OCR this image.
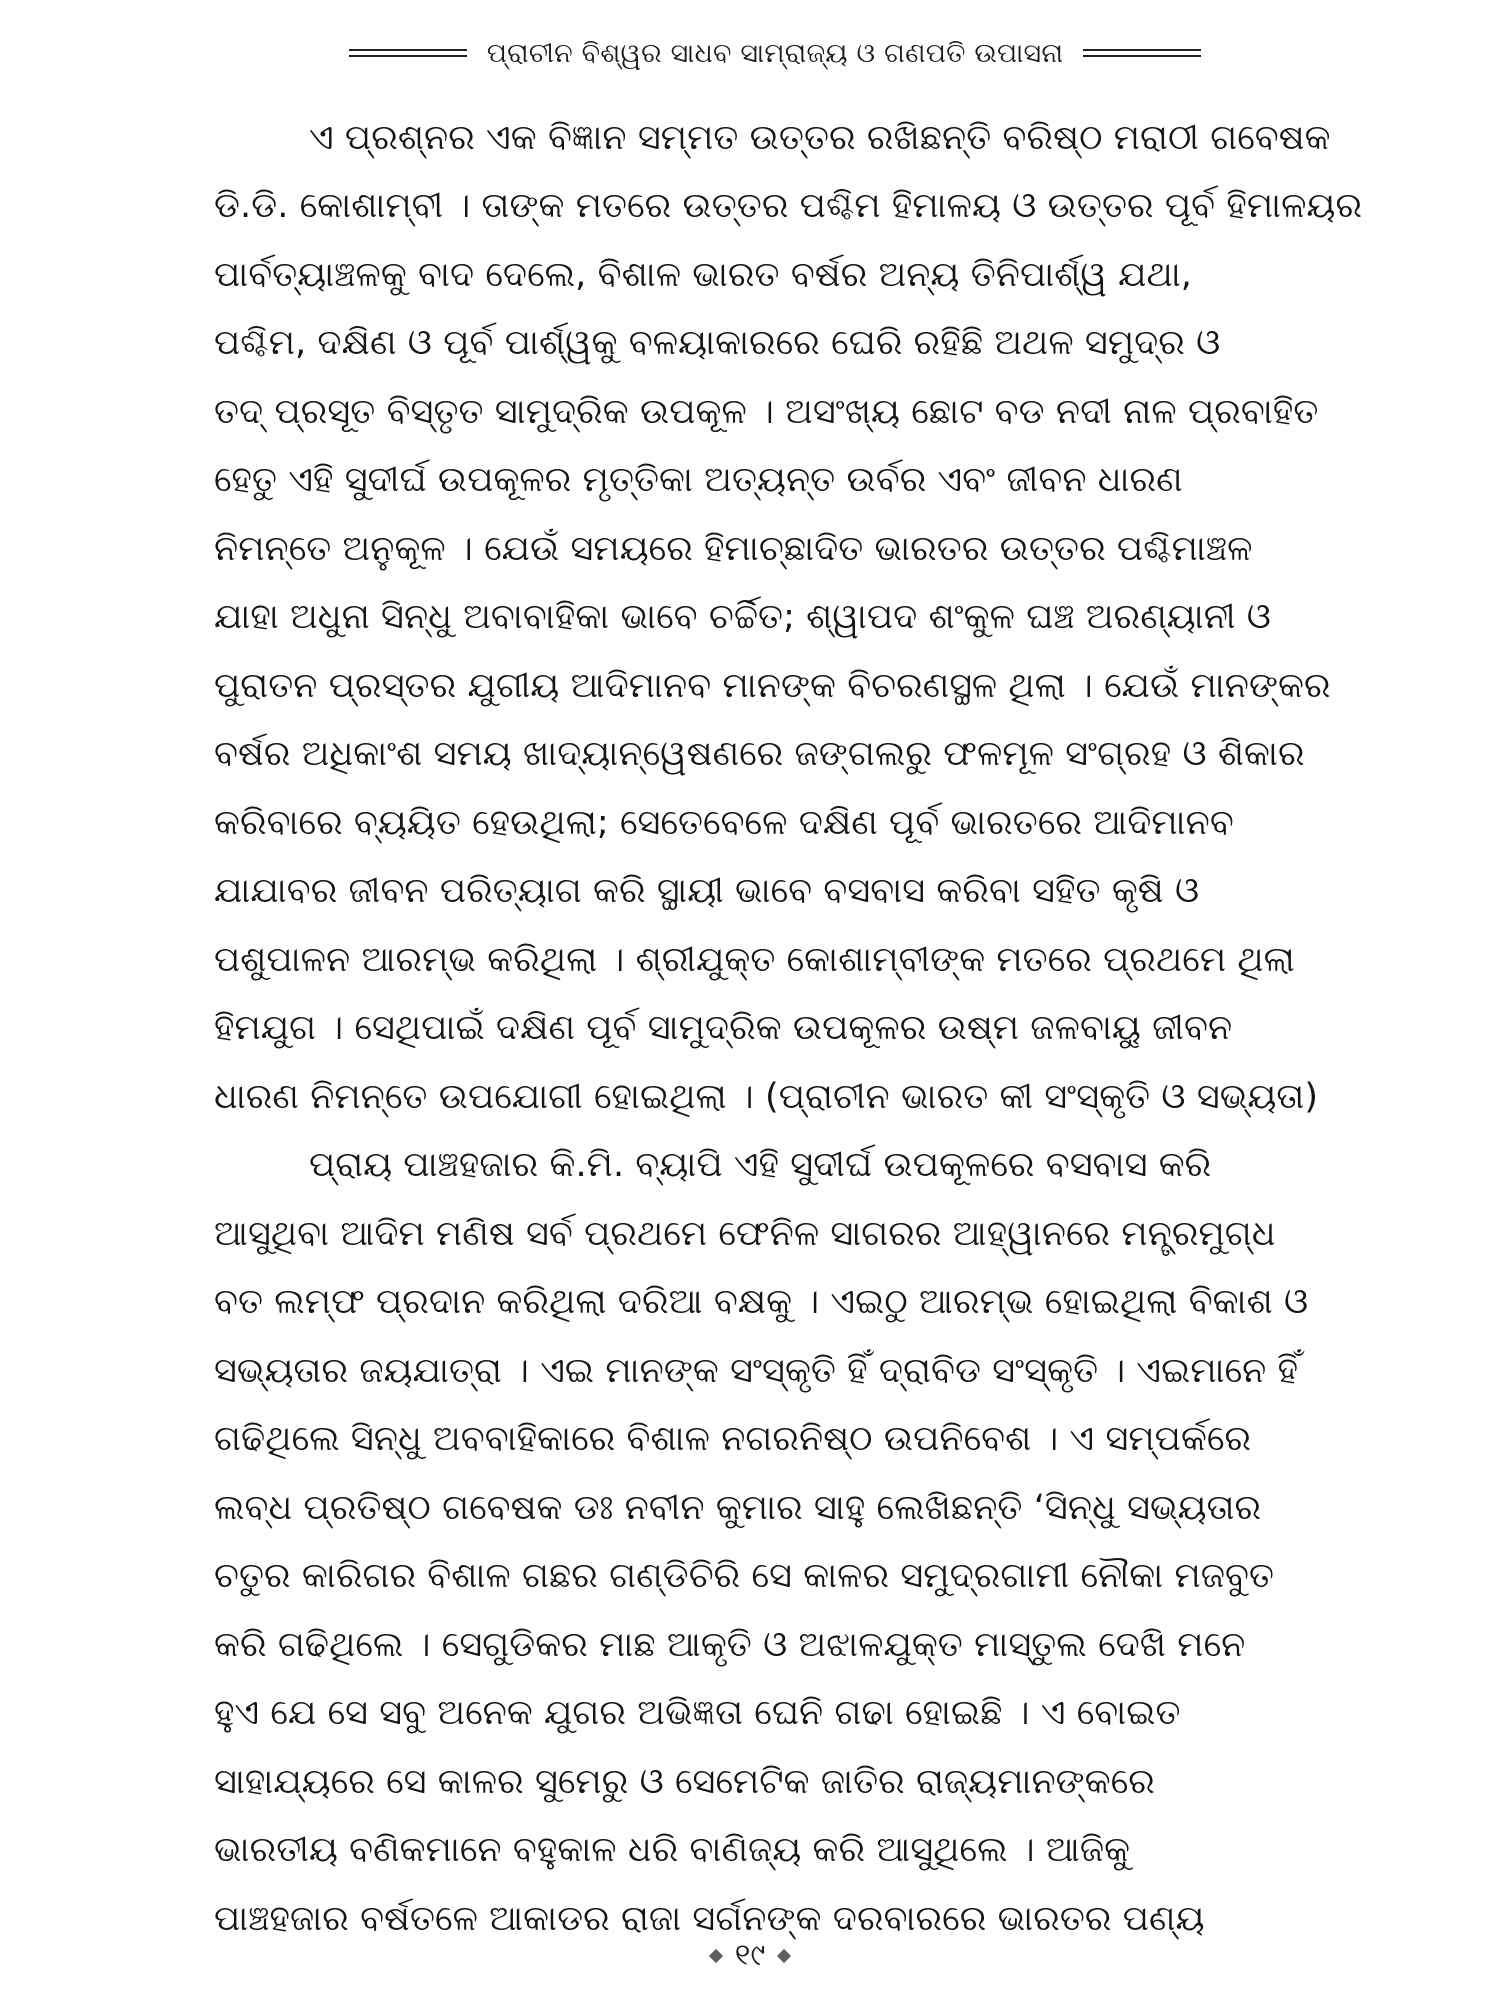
ପ୍ରାଚୀନ ବିଶ୍ୱର ସାଧବ ସାମ୍ରାଜ୍ୟ ଓ ଗଣପତି ଉପାସନା
ଏ ପ୍ରଶ୍ନର ଏକ ବିଜ୍ଞାନ ସମ୍ମତ ଉତ୍ତର ରଖିଛନ୍ତି ବରିଷ୍ଠ ମରାଠୀ ଗବେଷକ
ଡି.ଡି. କୋଶାମ୍ବୀ । ତାଙ୍କ ମତରେ ଉତ୍ତର ପଶ୍ଚିମ ହିମାଳୟ ଓ ଉତ୍ତର ପୂର୍ବ ହିମାଳୟର
ପାର୍ବତ୍ୟାଞ୍ଚଳକୁ ବାଦ ଦେଲେ, ବିଶାଳ ଭାରତ ବର୍ଷର ଅନ୍ୟ ତିନିପାର୍ଶ୍ୱ ଯଥା,
ପଶ୍ଚିମ, ଦକ୍ଷିଣ ଓ ପୂର୍ବ ପାର୍ଶ୍ୱକୁ ବଳୟାକାରରେ ଘେରି ରହିଛି ଅଥଳ ସମୁଦ୍ର ଓ
ତଦ୍ ପ୍ରସୂତ ବିସ୍ତୃତ ସାମୁଦ୍ରିକ ଉପକୂଳ । ଅସଂଖ୍ୟ ଛୋଟ ବଡ ନଦୀ ନାଳ ପ୍ରବାହିତ
ହେତୁ ଏହି ସୁଦୀର୍ଘ ଉପକୂଳର ମୃତ୍ତିକା ଅତ୍ୟନ୍ତ ଉର୍ବର ଏବଂ ଜୀବନ ଧାରଣ
ନିମନ୍ତେ ଅନୁକୂଳ । ଯେଉଁ ସମୟରେ ହିମାଚ୍ଛାଦିତ ଭାରତର ଉତ୍ତର ପଶ୍ଚିମାଞ୍ଚଳ
ଯାହା ଅଧୁନା ସିନ୍ଧୁ ଅବାବାହିକା ଭାବେ ଚର୍ଚ୍ଚିତ; ଶ୍ୱାପଦ ଶଂକୁଳ ଘଞ୍ଚ ଅରଣ୍ୟାନୀ ଓ
ପୁରାତନ ପ୍ରସ୍ତର ଯୁଗୀୟ ଆଦିମାନବ ମାନଙ୍କ ବିଚରଣସ୍ଥଳ ଥିଲା । ଯେଉଁ ମାନଙ୍କର
ବର୍ଷର ଅଧିକାଂଶ ସମୟ ଖାଦ୍ୟାନ୍ୱେଷଣରେ ଜଙ୍ଗଲରୁ ଫଳମୂଳ ସଂଗ୍ରହ ଓ ଶିକାର
କରିବାରେ ବ୍ୟୟିତ ହେଉଥିଲା; ସେତେବେଳେ ଦକ୍ଷିଣ ପୂର୍ବ ଭାରତରେ ଆଦିମାନବ
ଯାଯାବର ଜୀବନ ପରିତ୍ୟାଗ କରି ସ୍ଥାୟୀ ଭାବେ ବସବାସ କରିବା ସହିତ କୃଷି ଓ
ପଶୁପାଳନ ଆରମ୍ଭ କରିଥିଲା । ଶ୍ରୀଯୁକ୍ତ କୋଶାମ୍ବୀଙ୍କ ମତରେ ପ୍ରଥମେ ଥିଲା
ହିମଯୁଗ । ସେଥିପାଇଁ ଦକ୍ଷିଣ ପୂର୍ବ ସାମୁଦ୍ରିକ ଉପକୂଳର ଉଷ୍ମ ଜଳବାୟୁ ଜୀବନ
ଧାରଣ ନିମନ୍ତେ ଉପଯୋଗୀ ହୋଇଥିଲା । (ପ୍ରାଚୀନ ଭାରତ କୀ ସଂସ୍କୃତି ଓ ସଭ୍ୟତା)
ପ୍ରାୟ ପାଞ୍ଚହଜାର କି.ମି. ବ୍ୟାପି ଏହି ସୁଦୀର୍ଘ ଉପକୂଳରେ ବସବାସ କରି
ଆସୁଥିବା ଆଦିମ ମଣିଷ ସର୍ବ ପ୍ରଥମେ ଫେନିଳ ସାଗରର ଆହ୍ୱାନରେ ମନ୍ତ୍ରମୁଗ୍ଧ
ବତ ଲମ୍ଫ ପ୍ରଦାନ କରିଥିଲା ଦରିଆ ବକ୍ଷକୁ । ଏଇଠୁ ଆରମ୍ଭ ହୋଇଥିଲା ବିକାଶ ଓ
ସଭ୍ୟତାର ଜୟଯାତ୍ରା । ଏଇ ମାନଙ୍କ ସଂସ୍କୃତି ହିଁ ଦ୍ରାବିଡ ସଂସ୍କୃତି । ଏଇମାନେ ହିଁ
ଗଢିଥିଲେ ସିନ୍ଧୁ ଅବବାହିକାରେ ବିଶାଳ ନଗରନିଷ୍ଠ ଉପନିବେଶ । ଏ ସମ୍ପର୍କରେ
ଲବ୍ଧ ପ୍ରତିଷ୍ଠ ଗବେଷକ ଡଃ ନବୀନ କୁମାର ସାହୁ ଲେଖିଛନ୍ତି ‘ସିନ୍ଧୁ ସଭ୍ୟତାର
ଚତୁର କାରିଗର ବିଶାଳ ଗଛର ଗଣ୍ଡିଚିରି ସେ କାଳର ସମୁଦ୍ରଗାମୀ ନୌକା ମଜବୁତ
କରି ଗଢିଥିଲେ । ସେଗୁଡିକର ମାଛ ଆକୃତି ଓ ଅଝାଳଯୁକ୍ତ ମାସ୍ତୁଲ ଦେଖି ମନେ
ହୁଏ ଯେ ସେ ସବୁ ଅନେକ ଯୁଗର ଅଭିଜ୍ଞତା ଘେନି ଗଢା ହୋଇଛି । ଏ ବୋଇତ
ସାହାଯ୍ୟରେ ସେ କାଳର ସୁମେରୁ ଓ ସେମେଟିକ ଜାତିର ରାଜ୍ୟମାନଙ୍କରେ
ଭାରତୀୟ ବଣିକମାନେ ବହୁକାଳ ଧରି ବାଣିଜ୍ୟ କରି ଆସୁଥିଲେ । ଆଜିକୁ
ପାଞ୍ଚହଜାର ବର୍ଷତଳେ ଆକାଡର ରାଜା ସର୍ଗନଙ୍କ ଦରବାରରେ ଭାରତର ପଣ୍ୟ
୧୯
